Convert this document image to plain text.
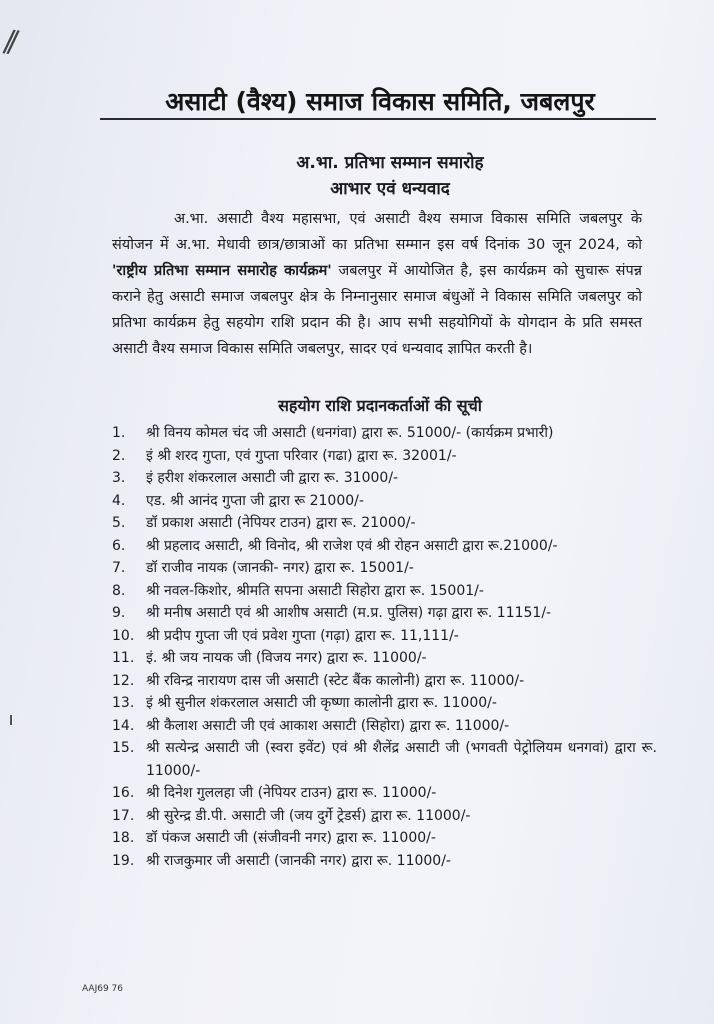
//
असाटी (वैश्य) समाज विकास समिति, जबलपुर
अ.भा. प्रतिभा सम्मान समारोह
आभार एवं धन्यवाद
अ.भा. असाटी वैश्य महासभा, एवं असाटी वैश्य समाज विकास समिति जबलपुर के संयोजन में अ.भा. मेधावी छात्र/छात्राओं का प्रतिभा सम्मान इस वर्ष दिनांक 30 जून 2024, को 'राष्ट्रीय प्रतिभा सम्मान समारोह कार्यक्रम' जबलपुर में आयोजित है, इस कार्यक्रम को सुचारू संपन्न कराने हेतु असाटी समाज जबलपुर क्षेत्र के निम्नानुसार समाज बंधुओं ने विकास समिति जबलपुर को प्रतिभा कार्यक्रम हेतु सहयोग राशि प्रदान की है। आप सभी सहयोगियों के योगदान के प्रति समस्त असाटी वैश्य समाज विकास समिति जबलपुर, सादर एवं धन्यवाद ज्ञापित करती है।
सहयोग राशि प्रदानकर्ताओं की सूची
1.	श्री विनय कोमल चंद जी असाटी (धनगंवा) द्वारा रू. 51000/- (कार्यक्रम प्रभारी)
2.	इं श्री शरद गुप्ता, एवं गुप्ता परिवार (गढा) द्वारा रू. 32001/-
3.	इं हरीश शंकरलाल असाटी जी द्वारा रू. 31000/-
4.	एड. श्री आनंद गुप्ता जी द्वारा रू 21000/-
5.	डॉ प्रकाश असाटी (नेपियर टाउन) द्वारा रू. 21000/-
6.	श्री प्रहलाद असाटी, श्री विनोद, श्री राजेश एवं श्री रोहन असाटी द्वारा रू.21000/-
7.	डॉ राजीव नायक (जानकी- नगर) द्वारा रू. 15001/-
8.	श्री नवल-किशोर, श्रीमति सपना असाटी सिहोरा द्वारा रू. 15001/-
9.	श्री मनीष असाटी एवं श्री आशीष असाटी (म.प्र. पुलिस) गढ़ा द्वारा रू. 11151/-
10. श्री प्रदीप गुप्ता जी एवं प्रवेश गुप्ता (गढ़ा) द्वारा रू. 11,111/-
11. इं. श्री जय नायक जी (विजय नगर) द्वारा रू. 11000/-
12. श्री रविन्द्र नारायण दास जी असाटी (स्टेट बैंक कालोनी) द्वारा रू. 11000/-
13. इं श्री सुनील शंकरलाल असाटी जी कृष्णा कालोनी द्वारा रू. 11000/-
14. श्री कैलाश असाटी जी एवं आकाश असाटी (सिहोरा) द्वारा रू. 11000/-
15. श्री सत्येन्द्र असाटी जी (स्वरा इवेंट) एवं श्री शैलेंद्र असाटी जी (भगवती पेट्रोलियम धनगवां) द्वारा रू. 11000/-
16. श्री दिनेश गुललहा जी (नेपियर टाउन) द्वारा रू. 11000/-
17. श्री सुरेन्द्र डी.पी. असाटी जी (जय दुर्गे ट्रेडर्स) द्वारा रू. 11000/-
18. डॉ पंकज असाटी जी (संजीवनी नगर) द्वारा रू. 11000/-
19. श्री राजकुमार जी असाटी (जानकी नगर) द्वारा रू. 11000/-
AAJ69 76
